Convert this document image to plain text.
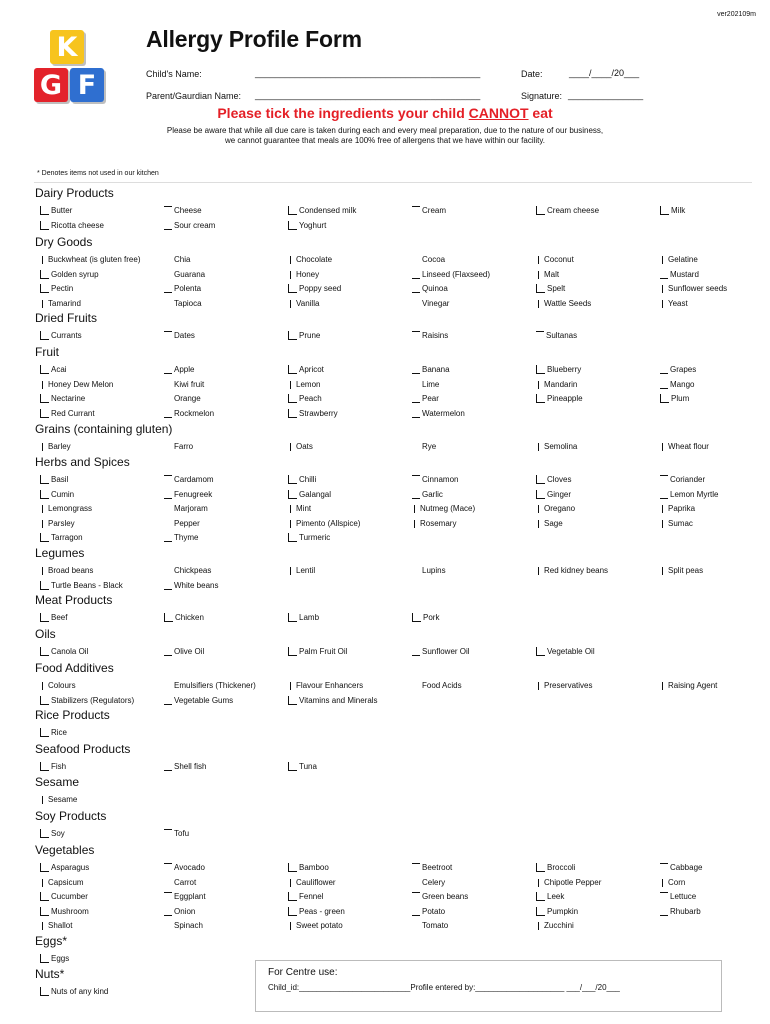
ver202109m
K
G F
Allergy Profile Form
Child's Name:	_____________________________________________	Date:	____/____/20___
Parent/Gaurdian Name: _____________________________________________	Signature: _______________
Please tick the ingredients your child CANNOT eat
Please be aware that while all due care is taken during each and every meal preparation, due to the nature of our business,
we cannot guarantee that meals are 100% free of allergens that we have within our facility.
* Denotes items not used in our kitchen
Dairy Products
Butter	Cheese	Condensed milk	Cream	Cream cheese	Milk
Ricotta cheese	Sour cream	Yoghurt
Dry Goods
Buckwheat (is gluten free)	Chia	Chocolate	Cocoa	Coconut	Gelatine
Golden syrup	Guarana	Honey	Linseed (Flaxseed)	Malt	Mustard
Pectin	Polenta	Poppy seed	Quinoa	Spelt	Sunflower seeds
Tamarind	Tapioca	Vanilla	Vinegar	Wattle Seeds	Yeast
Dried Fruits
Currants	Dates	Prune	Raisins	Sultanas
Fruit
Acai	Apple	Apricot	Banana	Blueberry	Grapes
Honey Dew Melon	Kiwi fruit	Lemon	Lime	Mandarin	Mango
Nectarine	Orange	Peach	Pear	Pineapple	Plum
Red Currant	Rockmelon	Strawberry	Watermelon
Grains (containing gluten)
Barley	Farro	Oats	Rye	Semolina	Wheat flour
Herbs and Spices
Basil	Cardamom	Chilli	Cinnamon	Cloves	Coriander
Cumin	Fenugreek	Galangal	Garlic	Ginger	Lemon Myrtle
Lemongrass	Marjoram	Mint	Nutmeg (Mace)	Oregano	Paprika
Parsley	Pepper	Pimento (Allspice)	Rosemary	Sage	Sumac
Tarragon	Thyme	Turmeric
Legumes
Broad beans	Chickpeas	Lentil	Lupins	Red kidney beans	Split peas
Turtle Beans - Black	White beans
Meat Products
Beef	Chicken	Lamb	Pork
Oils
Canola Oil	Olive Oil	Palm Fruit Oil	Sunflower Oil	Vegetable Oil
Food Additives
Colours	Emulsifiers (Thickener)	Flavour Enhancers	Food Acids	Preservatives	Raising Agent
Stabilizers (Regulators)	Vegetable Gums	Vitamins and Minerals
Rice Products
Rice
Seafood Products
Fish	Shell fish	Tuna
Sesame
Sesame
Soy Products
Soy	Tofu
Vegetables
Asparagus	Avocado	Bamboo	Beetroot	Broccoli	Cabbage
Capsicum	Carrot	Cauliflower	Celery	Chipotle Pepper	Corn
Cucumber	Eggplant	Fennel	Green beans	Leek	Lettuce
Mushroom	Onion	Peas - green	Potato	Pumpkin	Rhubarb
Shallot	Spinach	Sweet potato	Tomato	Zucchini
Eggs*
Eggs
Nuts*
Nuts of any kind
For Centre use:
Child_id:_________________________Profile entered by:____________________ ___/___/20___
